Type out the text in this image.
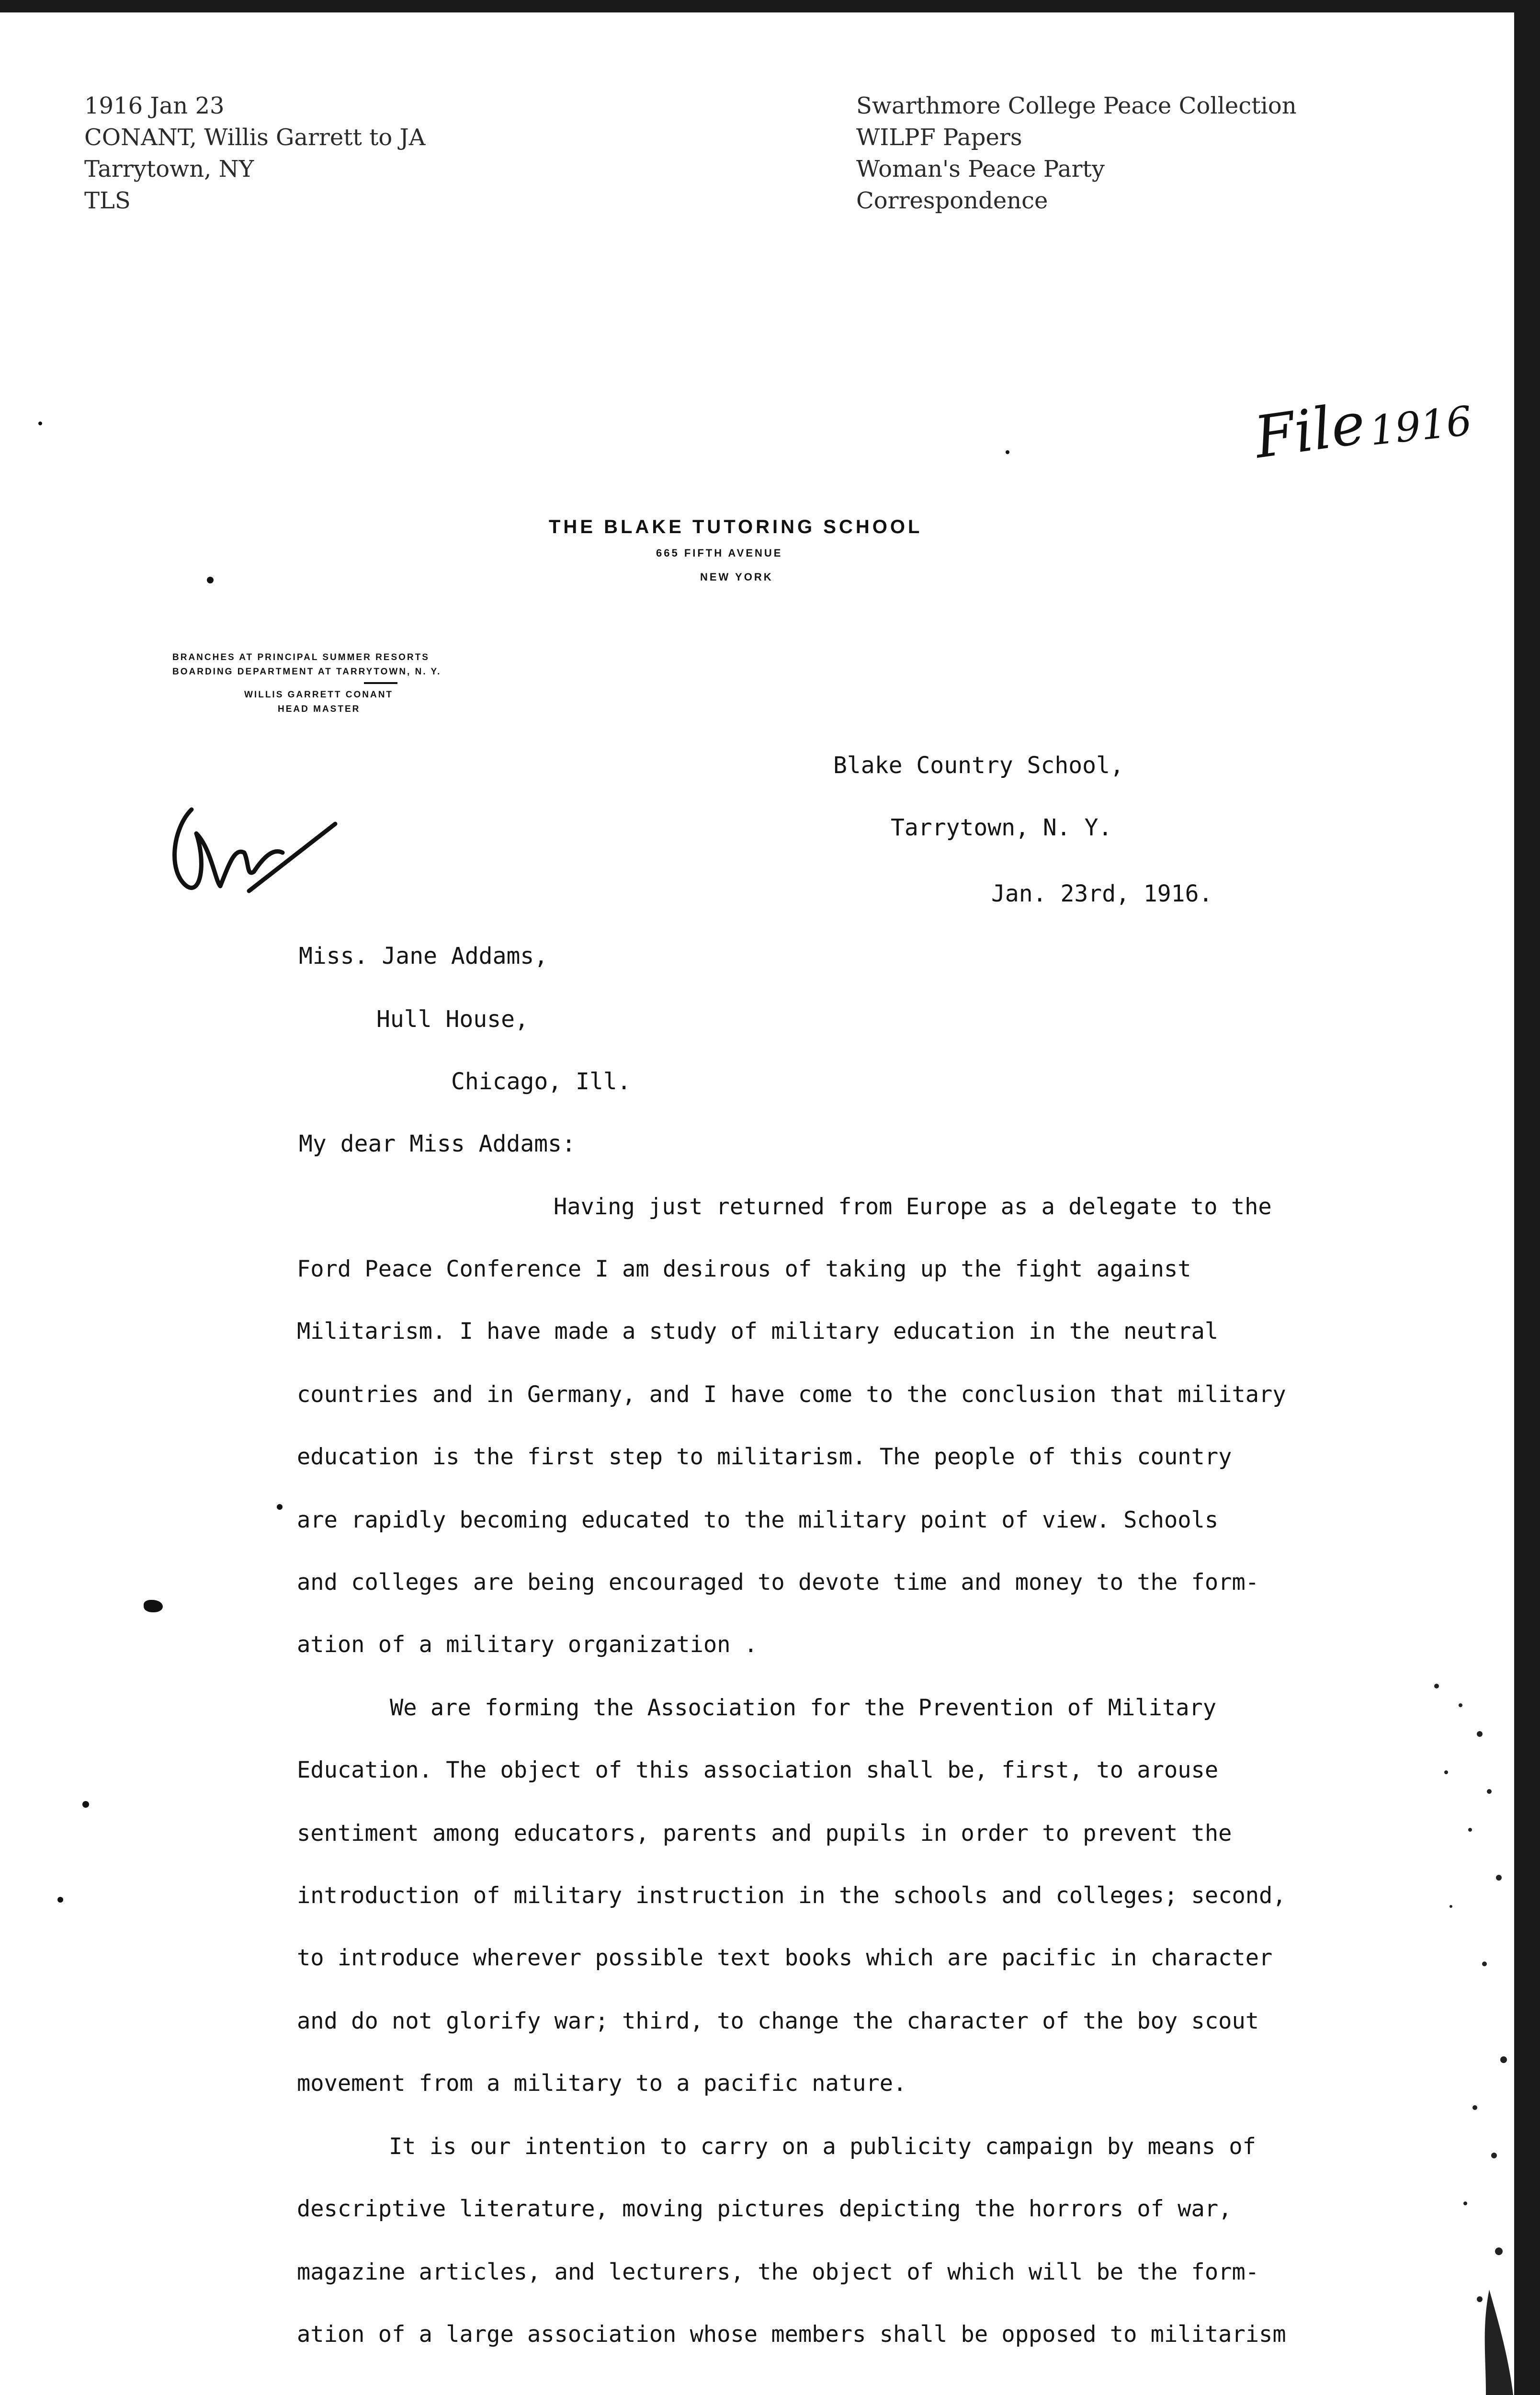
1916 Jan 23
CONANT, Willis Garrett to JA
Tarrytown, NY
TLS
Swarthmore College Peace Collection
WILPF Papers
Woman's Peace Party
Correspondence
File
1916
THE BLAKE TUTORING SCHOOL
665 FIFTH AVENUE
NEW YORK
BRANCHES AT PRINCIPAL SUMMER RESORTS
BOARDING DEPARTMENT AT TARRYTOWN, N. Y.
WILLIS GARRETT CONANT
HEAD MASTER
Blake Country School,
Tarrytown, N. Y.
Jan. 23rd, 1916.
Miss. Jane Addams,
Hull House,
Chicago, Ill.
My dear Miss Addams:
Having just returned from Europe as a delegate to the
Ford Peace Conference I am desirous of taking up the fight against
Militarism. I have made a study of military education in the neutral
countries and in Germany, and I have come to the conclusion that military
education is the first step to militarism. The people of this country
are rapidly becoming educated to the military point of view. Schools
and colleges are being encouraged to devote time and money to the form-
ation of a military organization .
We are forming the Association for the Prevention of Military
Education. The object of this association shall be, first, to arouse
sentiment among educators, parents and pupils in order to prevent the
introduction of military instruction in the schools and colleges; second,
to introduce wherever possible text books which are pacific in character
and do not glorify war; third, to change the character of the boy scout
movement from a military to a pacific nature.
It is our intention to carry on a publicity campaign by means of
descriptive literature, moving pictures depicting the horrors of war,
magazine articles, and lecturers, the object of which will be the form-
ation of a large association whose members shall be opposed to militarism
